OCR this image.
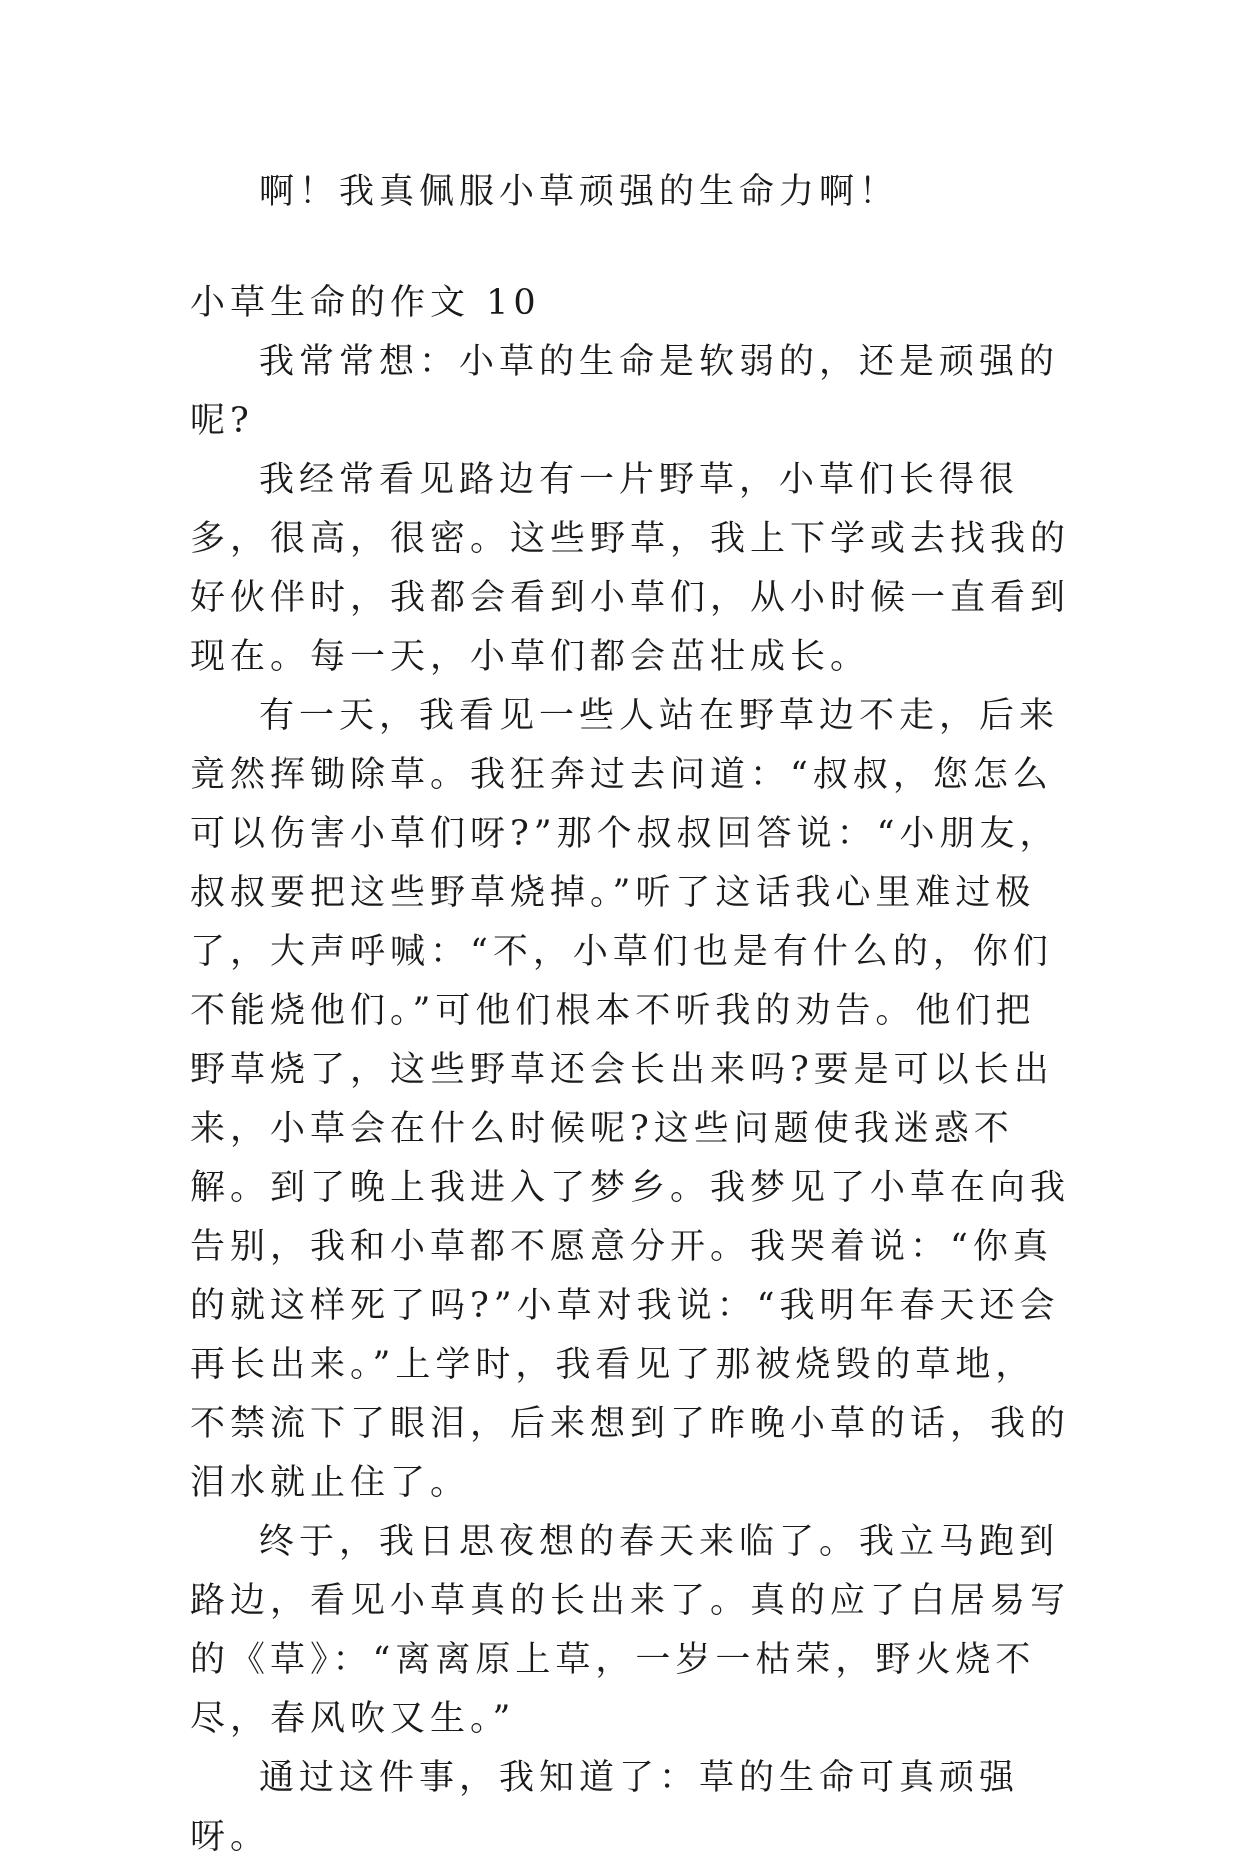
啊！我真佩服小草顽强的生命力啊！

小草生命的作文 10

我常常想：小草的生命是软弱的，还是顽强的呢?

我经常看见路边有一片野草，小草们长得很多，很高，很密。这些野草，我上下学或去找我的好伙伴时，我都会看到小草们，从小时候一直看到现在。每一天，小草们都会茁壮成长。

有一天，我看见一些人站在野草边不走，后来竟然挥锄除草。我狂奔过去问道：“叔叔，您怎么可以伤害小草们呀?”那个叔叔回答说：“小朋友，叔叔要把这些野草烧掉。”听了这话我心里难过极了，大声呼喊：“不，小草们也是有什么的，你们不能烧他们。”可他们根本不听我的劝告。他们把野草烧了，这些野草还会长出来吗?要是可以长出来，小草会在什么时候呢?这些问题使我迷惑不解。到了晚上我进入了梦乡。我梦见了小草在向我告别，我和小草都不愿意分开。我哭着说：“你真的就这样死了吗?”小草对我说：“我明年春天还会再长出来。”上学时，我看见了那被烧毁的草地，不禁流下了眼泪，后来想到了昨晚小草的话，我的泪水就止住了。

终于，我日思夜想的春天来临了。我立马跑到路边，看见小草真的长出来了。真的应了白居易写的《草》：“离离原上草，一岁一枯荣，野火烧不尽，春风吹又生。”

通过这件事，我知道了：草的生命可真顽强呀。
